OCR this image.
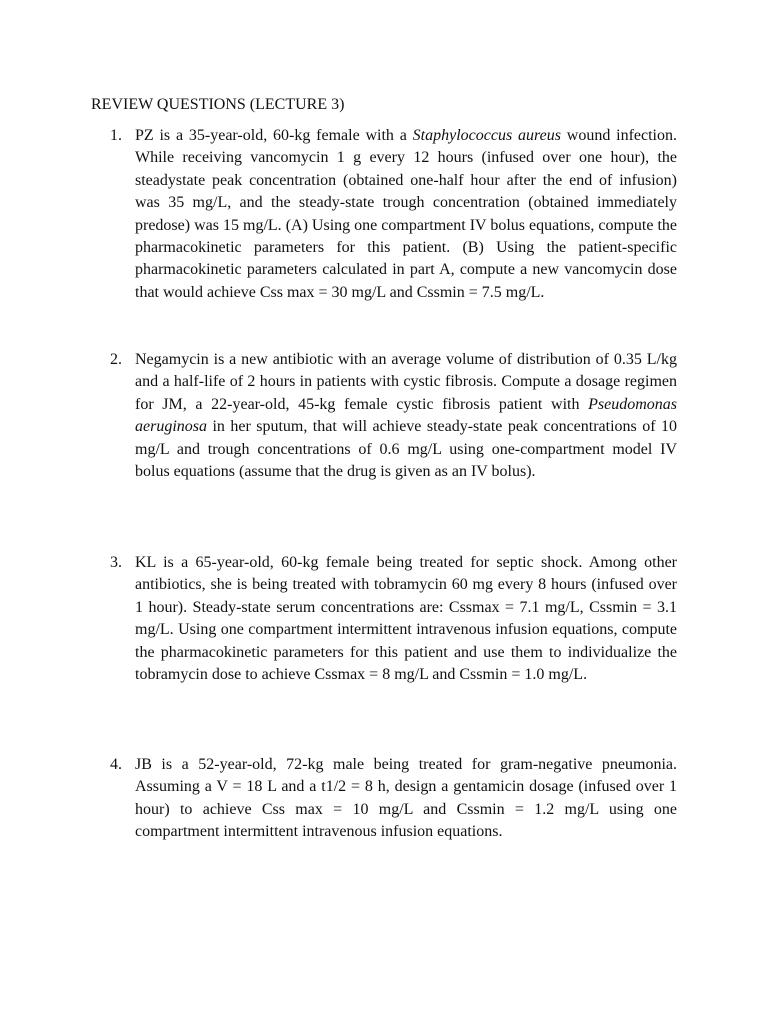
REVIEW QUESTIONS (LECTURE 3)
1. PZ is a 35-year-old, 60-kg female with a Staphylococcus aureus wound infection. While receiving vancomycin 1 g every 12 hours (infused over one hour), the steadystate peak concentration (obtained one-half hour after the end of infusion) was 35 mg/L, and the steady-state trough concentration (obtained immediately predose) was 15 mg/L. (A) Using one compartment IV bolus equations, compute the pharmacokinetic parameters for this patient. (B) Using the patient-specific pharmacokinetic parameters calculated in part A, compute a new vancomycin dose that would achieve Css max = 30 mg/L and Cssmin = 7.5 mg/L.
2. Negamycin is a new antibiotic with an average volume of distribution of 0.35 L/kg and a half-life of 2 hours in patients with cystic fibrosis. Compute a dosage regimen for JM, a 22-year-old, 45-kg female cystic fibrosis patient with Pseudomonas aeruginosa in her sputum, that will achieve steady-state peak concentrations of 10 mg/L and trough concentrations of 0.6 mg/L using one-compartment model IV bolus equations (assume that the drug is given as an IV bolus).
3. KL is a 65-year-old, 60-kg female being treated for septic shock. Among other
antibiotics, she is being treated with tobramycin 60 mg every 8 hours (infused over 1 hour). Steady-state serum concentrations are: Cssmax = 7.1 mg/L, Cssmin = 3.1 mg/L. Using one compartment intermittent intravenous infusion equations, compute the pharmacokinetic parameters for this patient and use them to individualize the tobramycin dose to achieve Cssmax = 8 mg/L and Cssmin = 1.0 mg/L.
4. JB is a 52-year-old, 72-kg male being treated for gram-negative pneumonia. Assuming a V = 18 L and a t1/2 = 8 h, design a gentamicin dosage (infused over 1 hour) to achieve Css max = 10 mg/L and Cssmin = 1.2 mg/L using one compartment intermittent intravenous infusion equations.
